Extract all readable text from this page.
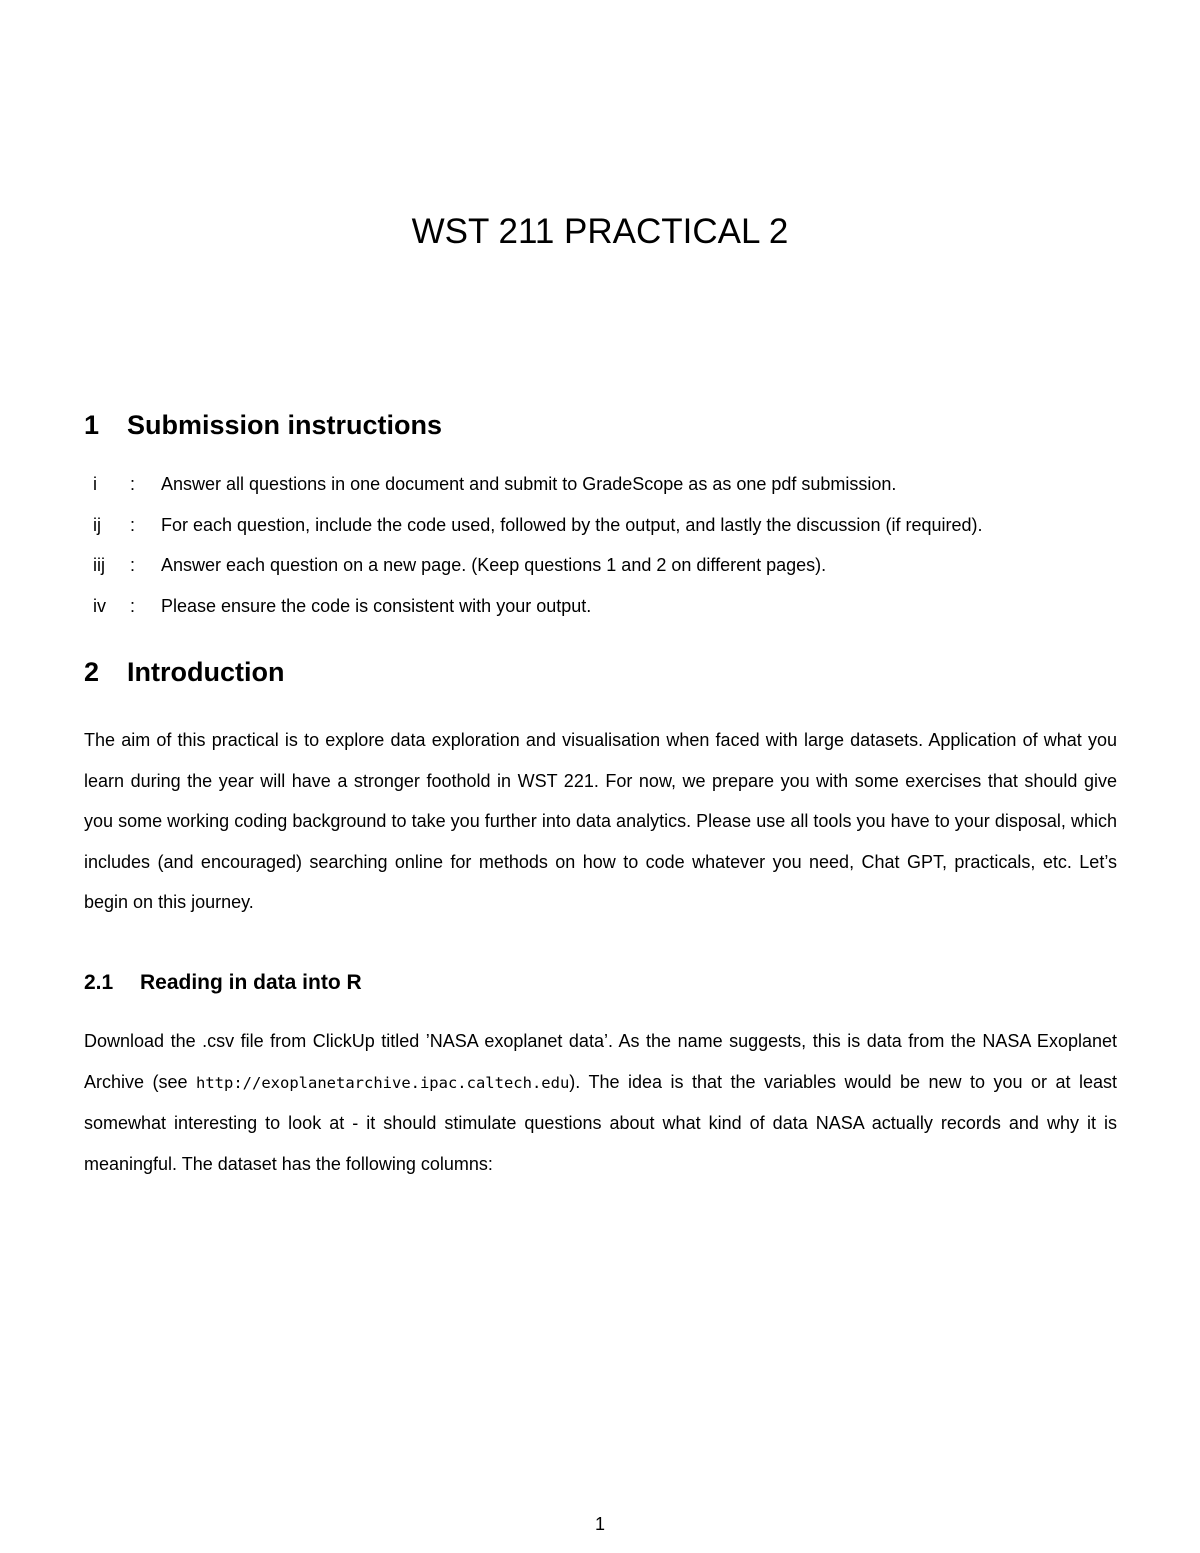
WST 211 PRACTICAL 2
1 Submission instructions
i	: Answer all questions in one document and submit to GradeScope as as one pdf submission.
ij	: For each question, include the code used, followed by the output, and lastly the discussion (if required).
iij	: Answer each question on a new page. (Keep questions 1 and 2 on different pages).
iv	: Please ensure the code is consistent with your output.
2 Introduction

The aim of this practical is to explore data exploration and visualisation when faced with large datasets. Application of what you learn during the year will have a stronger foothold in WST 221. For now, we prepare you with some exercises that should give you some working coding background to take you further into data analytics. Please use all tools you have to your disposal, which includes (and encouraged) searching online for methods on how to code whatever you need, Chat GPT, practicals, etc. Let’s begin on this journey.

2.1 Reading in data into R

Download the .csv file from ClickUp titled ’NASA exoplanet data’. As the name suggests, this is data from the NASA Exoplanet Archive (see http://exoplanetarchive.ipac.caltech.edu). The idea is that the variables would be new to you or at least somewhat interesting to look at - it should stimulate questions about what kind of data NASA actually records and why it is meaningful. The dataset has the following columns:

1
